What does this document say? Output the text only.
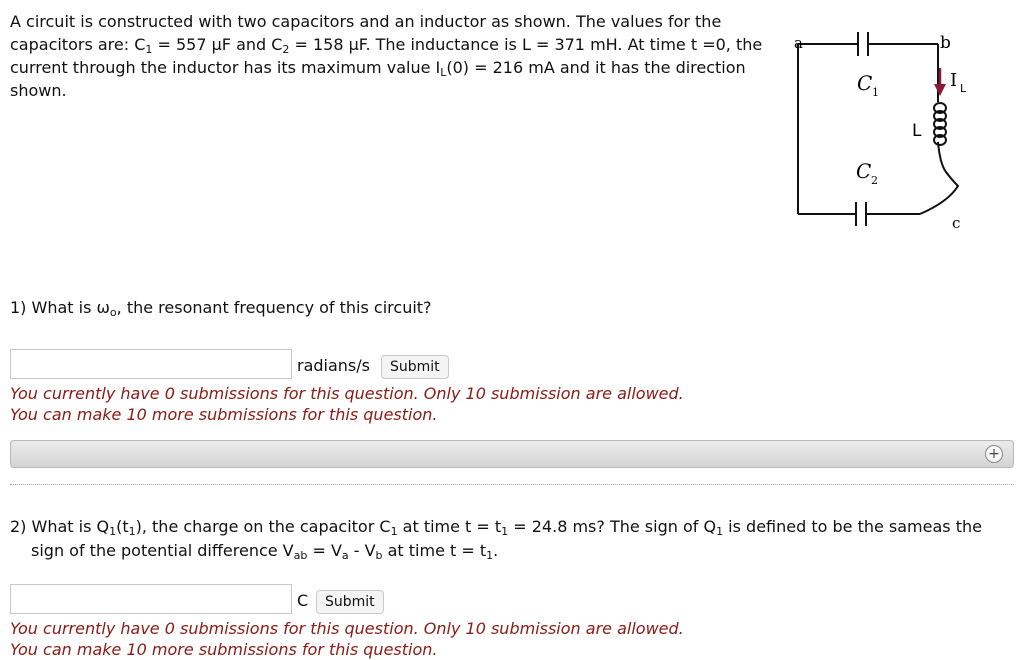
A circuit is constructed with two capacitors and an inductor as shown. The values for the capacitors are: $C_1 = 557$ μF and $C_2 = 158$ μF. The inductance is L = 371 mH. At time t =0, the current through the inductor has its maximum value $I_L(0) = 216$ mA and it has the direction shown.

a	b
c
C 1
C 2
L
I L

1) What is $\omega_o$, the resonant frequency of this circuit?

radians/s	Submit

You currently have 0 submissions for this question. Only 10 submission are allowed.

You can make 10 more submissions for this question.

+

2) What is $Q_1(t_1)$, the charge on the capacitor $C_1$ at time $t = t_1 = 24.8$ ms? The sign of $Q_1$ is defined to be the sameas the

sign of the potential difference $V_{ab} = V_a - V_b$ at time $t = t_1$.

C	Submit

You currently have 0 submissions for this question. Only 10 submission are allowed.

You can make 10 more submissions for this question.
